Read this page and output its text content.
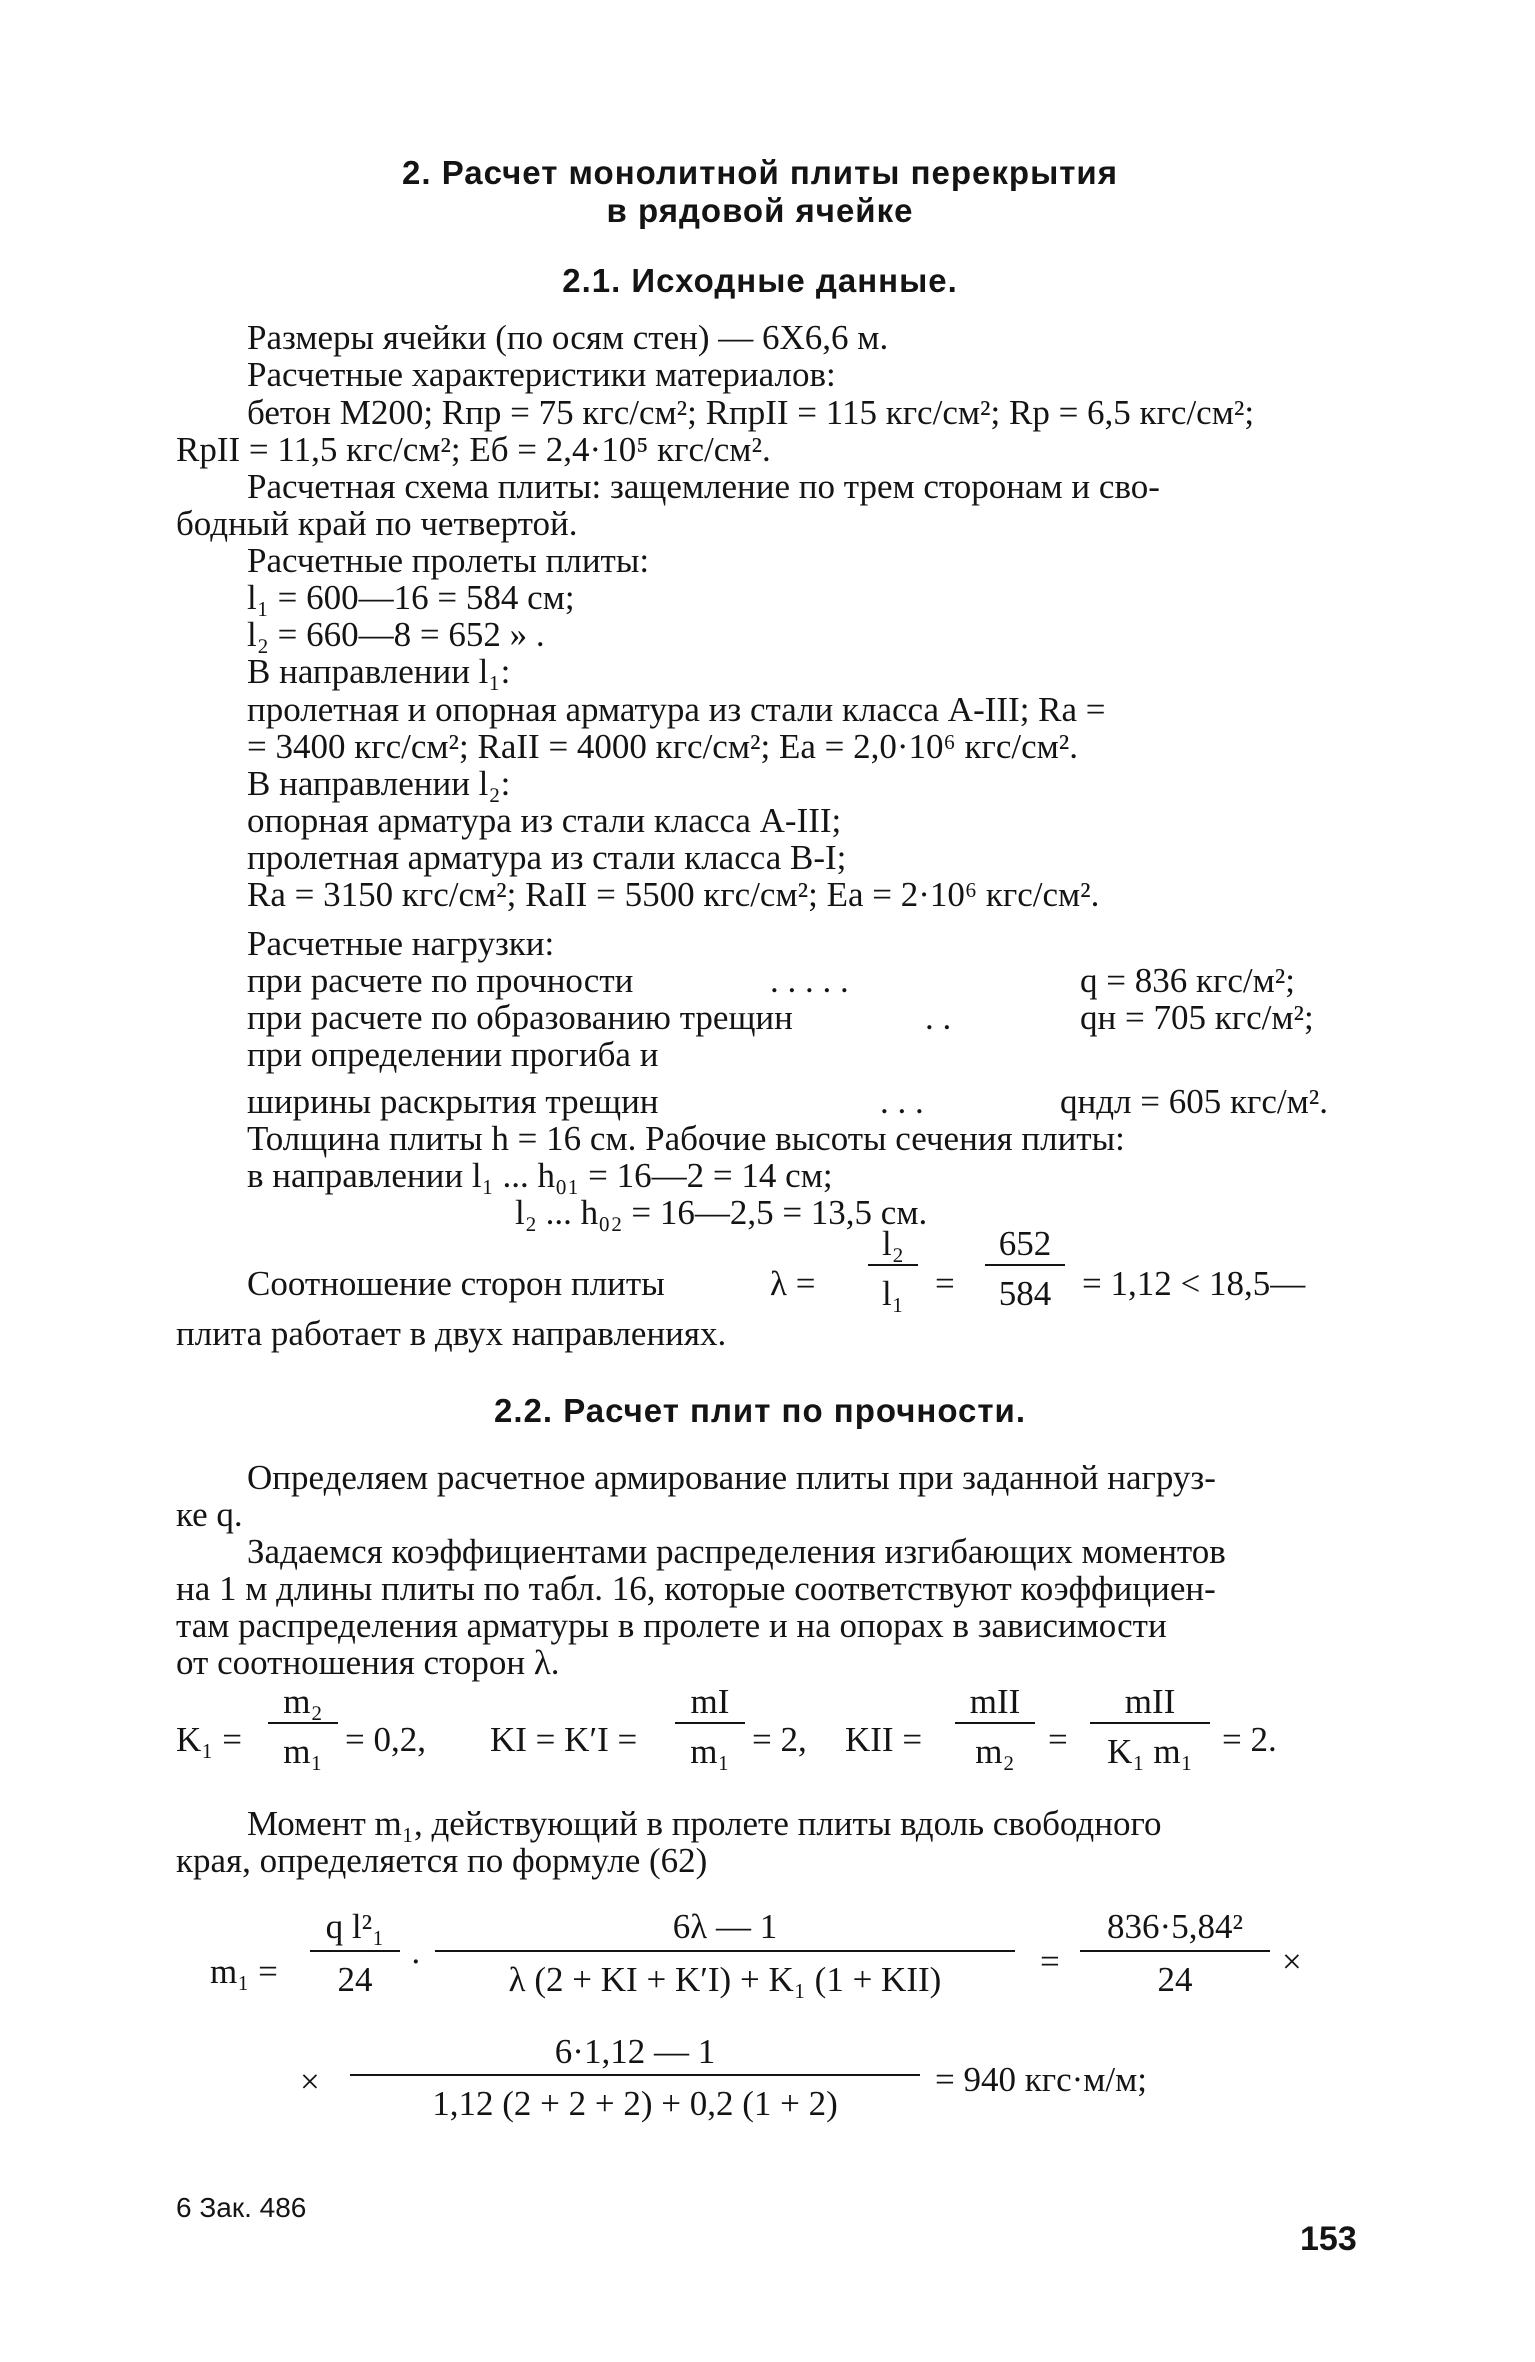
2. Расчет монолитной плиты перекрытия
в рядовой ячейке
2.1. Исходные данные.
Размеры ячейки (по осям стен) — 6X6,6 м.
Расчетные характеристики материалов:
бетон М200; Rпр = 75 кгс/см²; RпрII = 115 кгс/см²; Rр = 6,5 кгс/см²;
RрII = 11,5 кгс/см²; Eб = 2,4·10⁵ кгс/см².
Расчетная схема плиты: защемление по трем сторонам и сво-
бодный край по четвертой.
Расчетные пролеты плиты:
l₁ = 600—16 = 584 см;
l₂ = 660—8 = 652 » .
В направлении l₁:
пролетная и опорная арматура из стали класса A-III; Rа =
= 3400 кгс/см²; RаII = 4000 кгс/см²; Eа = 2,0·10⁶ кгс/см².
В направлении l₂:
опорная арматура из стали класса A-III;
пролетная арматура из стали класса B-I;
Rа = 3150 кгс/см²; RаII = 5500 кгс/см²; Eа = 2·10⁶ кгс/см².
Расчетные нагрузки:
при расчете по прочности	. . . . .	q = 836 кгс/м²;
при расчете по образованию трещин	. .	qн = 705 кгс/м²;
при определении прогиба и
ширины раскрытия трещин	. . .	qндл = 605 кгс/м².
Толщина плиты h = 16 см. Рабочие высоты сечения плиты:
в направлении l₁ ... h₀₁ = 16—2 = 14 см;
l₂ ... h₀₂ = 16—2,5 = 13,5 см.
Соотношение сторон плиты	λ =
l₂
l₁ =
652
584 = 1,12 < 18,5—
плита работает в двух направлениях.
2.2. Расчет плит по прочности.
Определяем расчетное армирование плиты при заданной нагруз-
ке q.
Задаемся коэффициентами распределения изгибающих моментов
на 1 м длины плиты по табл. 16, которые соответствуют коэффициен-
там распределения арматуры в пролете и на опорах в зависимости
от соотношения сторон λ.
K₁ =
m₂
m₁ = 0,2, KI = K′I =
mI
m₁ = 2, KII =
mII
m₂ =
mII
K₁ m₁ = 2.
Момент m₁, действующий в пролете плиты вдоль свободного
края, определяется по формуле (62)
m₁ =
q l²₁
24	·
6λ — 1
λ (2 + KI + K′I) + K₁ (1 + KII)	=
836·5,84²
24	×
×
6·1,12 — 1
1,12 (2 + 2 + 2) + 0,2 (1 + 2)
= 940 кгс·м/м;
6 Зак. 486
153
